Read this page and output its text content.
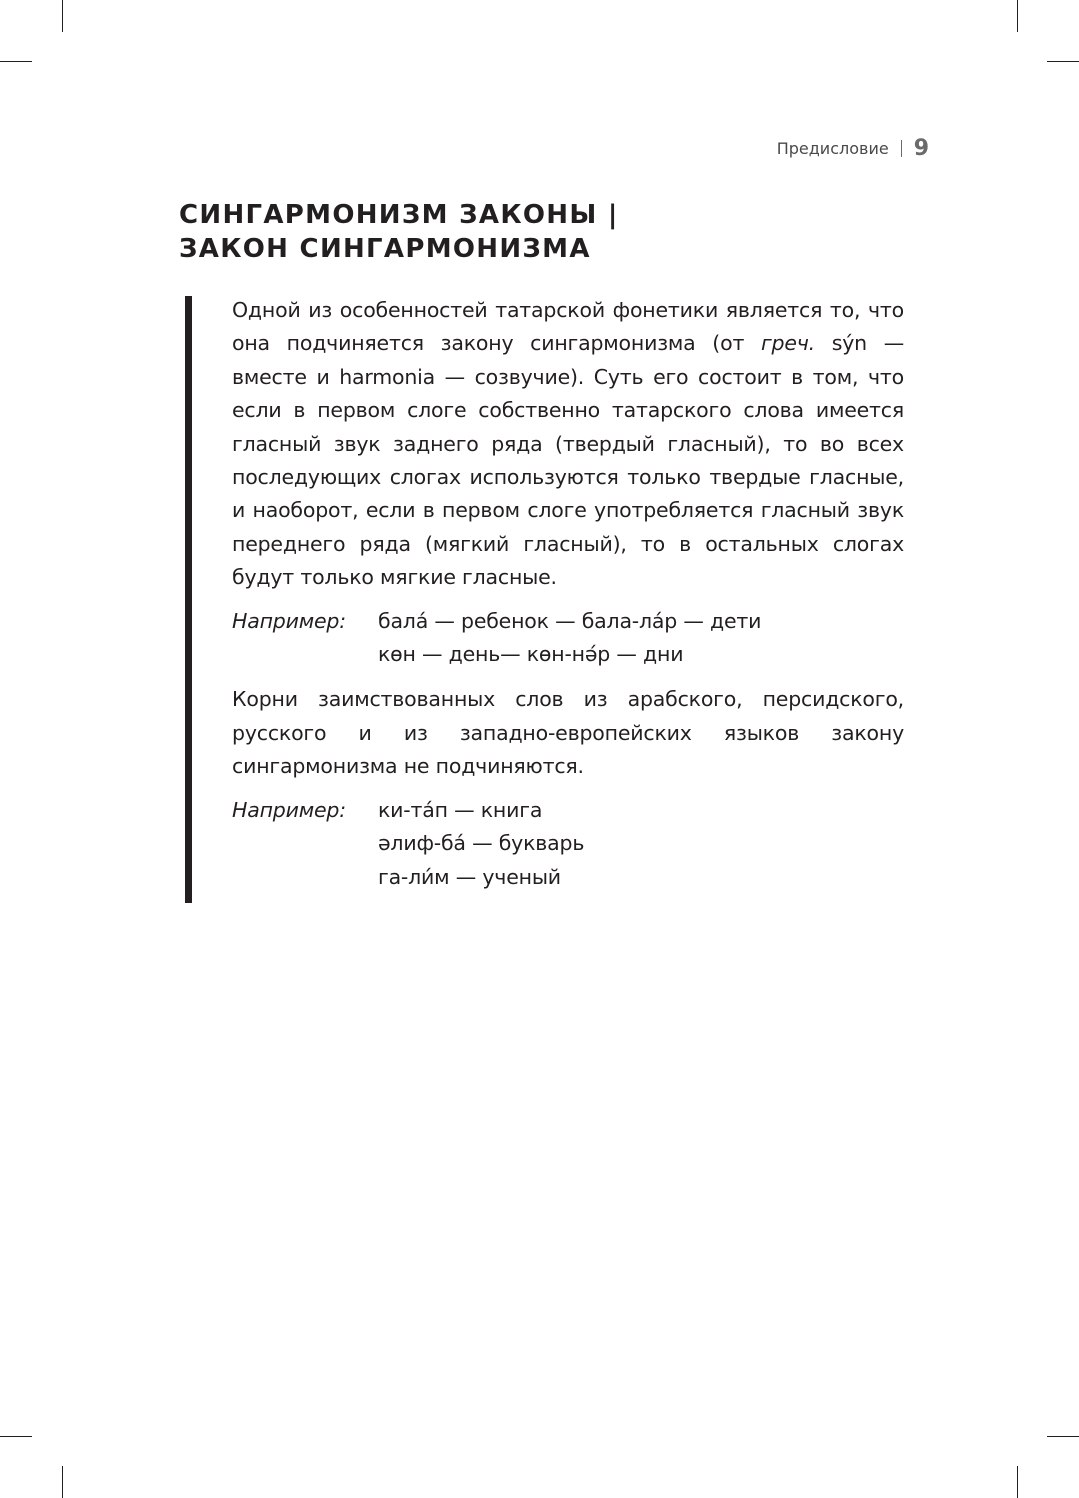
Предисловие 9
СИНГАРМОНИЗМ ЗАКОНЫ |
ЗАКОН СИНГАРМОНИЗМА

Одной из особенностей татарской фонетики является то, что она подчиняется закону сингармонизма (от греч. sу́n — вместе и harmonia — созвучие). Суть его состоит в том, что если в первом слоге собственно татарского слова имеется гласный звук заднего ряда (твердый гласный), то во всех последующих слогах используются только твердые гласные, и наоборот, если в первом слоге употребляется гласный звук переднего ряда (мягкий гласный), то в остальных слогах будут только мягкие гласные.

Например:	бала́ — ребенок — бала-ла́р — дети
көн — день— көн-нә́р — дни

Корни заимствованных слов из арабского, персидского, русского и из западно-европейских языков закону сингармонизма не подчиняются.

Например:	ки-та́п — книга
әлиф-ба́ — букварь
га-ли́м — ученый
